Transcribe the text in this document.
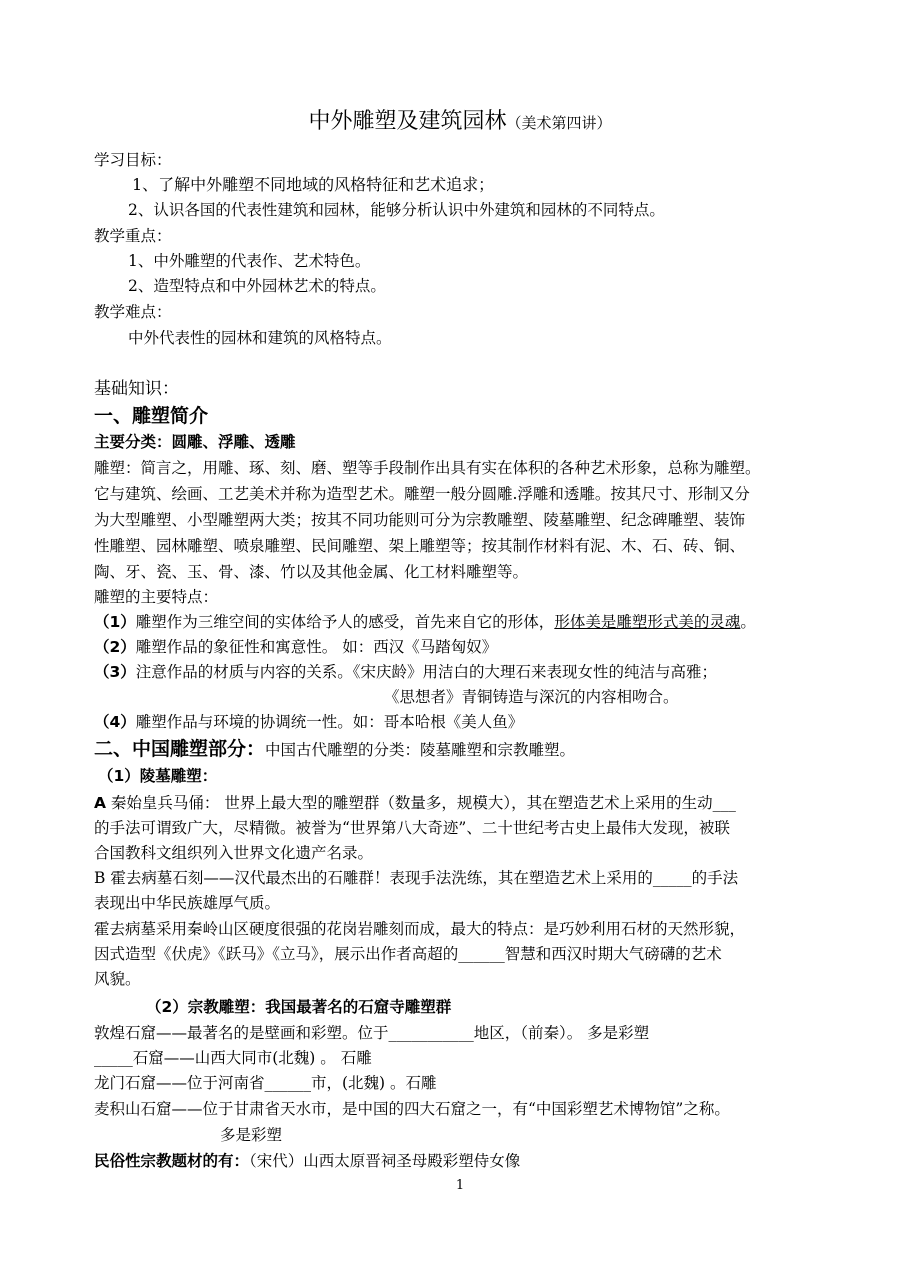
中外雕塑及建筑园林（美术第四讲）
学习目标：
1、了解中外雕塑不同地域的风格特征和艺术追求；
2、认识各国的代表性建筑和园林，能够分析认识中外建筑和园林的不同特点。
教学重点：
1、中外雕塑的代表作、艺术特色。
2、造型特点和中外园林艺术的特点。
教学难点：
中外代表性的园林和建筑的风格特点。
基础知识：
一、雕塑简介
主要分类：圆雕、浮雕、透雕
雕塑：简言之，用雕、琢、刻、磨、塑等手段制作出具有实在体积的各种艺术形象，总称为雕塑。
它与建筑、绘画、工艺美术并称为造型艺术。雕塑一般分圆雕.浮雕和透雕。按其尺寸、形制又分
为大型雕塑、小型雕塑两大类；按其不同功能则可分为宗教雕塑、陵墓雕塑、纪念碑雕塑、装饰
性雕塑、园林雕塑、喷泉雕塑、民间雕塑、架上雕塑等；按其制作材料有泥、木、石、砖、铜、
陶、牙、瓷、玉、骨、漆、竹以及其他金属、化工材料雕塑等。
雕塑的主要特点：
（1）雕塑作为三维空间的实体给予人的感受，首先来自它的形体，形体美是雕塑形式美的灵魂。
（2）雕塑作品的象征性和寓意性。 如：西汉《马踏匈奴》
（3）注意作品的材质与内容的关系。《宋庆龄》用洁白的大理石来表现女性的纯洁与高雅；
《思想者》青铜铸造与深沉的内容相吻合。
（4）雕塑作品与环境的协调统一性。如：哥本哈根《美人鱼》
二、中国雕塑部分：中国古代雕塑的分类：陵墓雕塑和宗教雕塑。
（1）陵墓雕塑：
A 秦始皇兵马俑： 世界上最大型的雕塑群（数量多，规模大），其在塑造艺术上采用的生动___
的手法可谓致广大，尽精微。被誉为“世界第八大奇迹”、二十世纪考古史上最伟大发现，被联
合国教科文组织列入世界文化遗产名录。
B 霍去病墓石刻——汉代最杰出的石雕群！表现手法洗练，其在塑造艺术上采用的_____的手法
表现出中华民族雄厚气质。
霍去病墓采用秦岭山区硬度很强的花岗岩雕刻而成，最大的特点：是巧妙利用石材的天然形貌，
因式造型《伏虎》《跃马》《立马》，展示出作者高超的______智慧和西汉时期大气磅礴的艺术
风貌。
（2）宗教雕塑：我国最著名的石窟寺雕塑群
敦煌石窟——最著名的是壁画和彩塑。位于___________地区，（前秦）。 多是彩塑
_____石窟——山西大同市(北魏) 。 石雕
龙门石窟——位于河南省______市，(北魏) 。石雕
麦积山石窟——位于甘肃省天水市，是中国的四大石窟之一，有“中国彩塑艺术博物馆”之称。
多是彩塑
民俗性宗教题材的有：（宋代）山西太原晋祠圣母殿彩塑侍女像
1
